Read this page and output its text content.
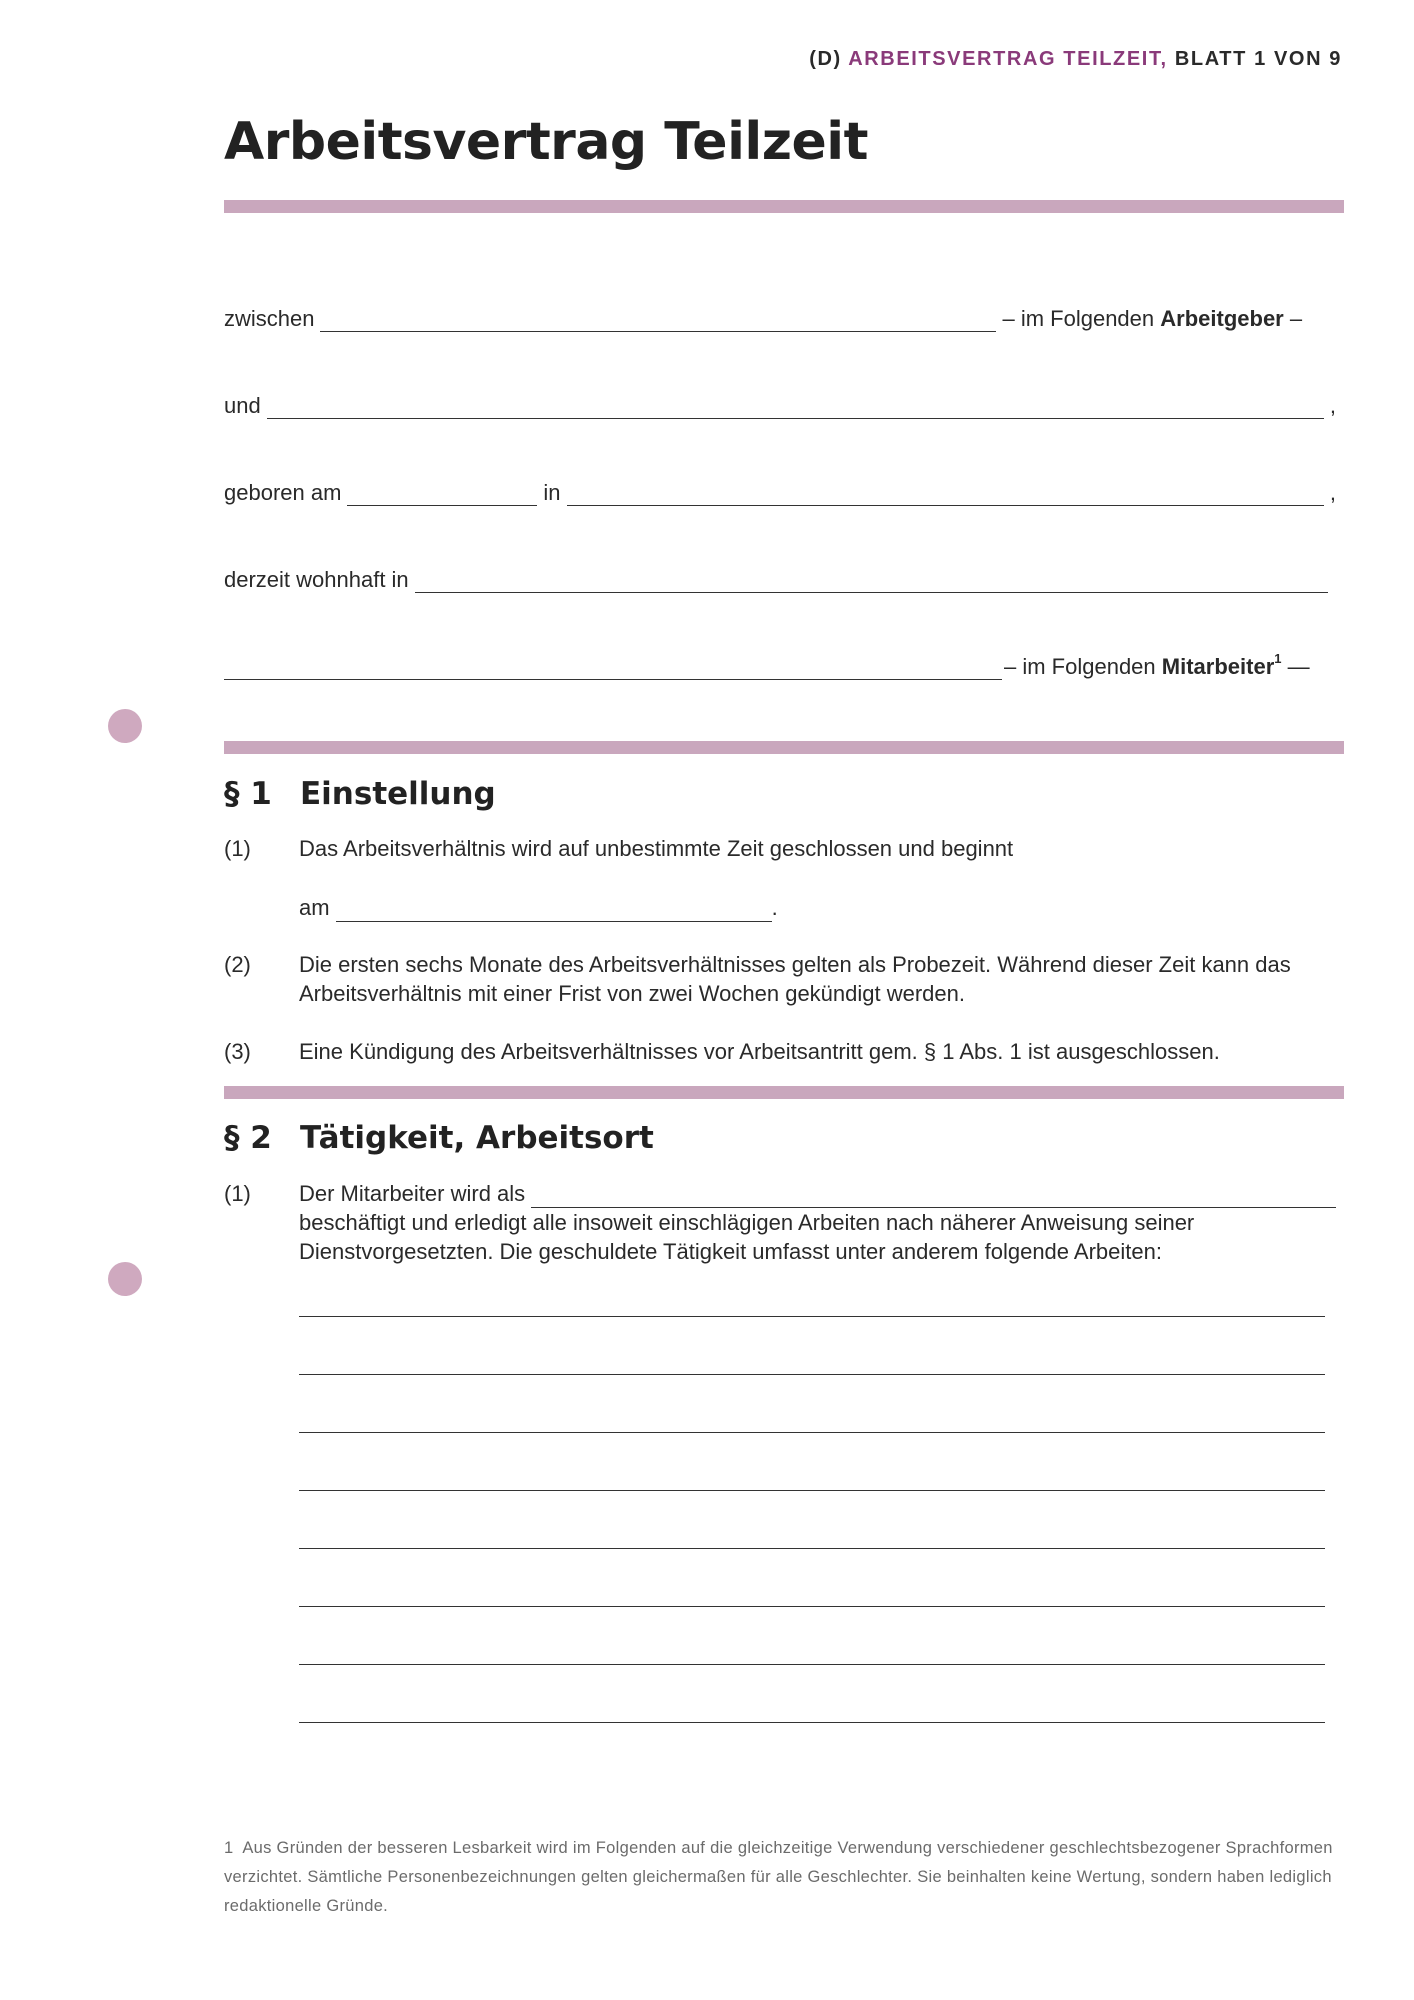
(D) ARBEITSVERTRAG TEILZEIT, BLATT 1 VON 9
Arbeitsvertrag Teilzeit
zwischen	– im Folgenden
Arbeitgeber
–
und	,
geboren am	in	,
derzeit wohnhaft in
– im Folgenden
Mitarbeiter$^1$
—
§ 1 Einstellung
(1) Das Arbeitsverhältnis wird auf unbestimmte Zeit geschlossen und beginnt
am	.
(2) Die ersten sechs Monate des Arbeitsverhältnisses gelten als Probezeit. Während dieser Zeit kann das Arbeitsverhältnis mit einer Frist von zwei Wochen gekündigt werden.
(3) Eine Kündigung des Arbeitsverhältnisses vor Arbeitsantritt gem. § 1 Abs. 1 ist ausgeschlossen.
§ 2 Tätigkeit, Arbeitsort
(1) Der Mitarbeiter wird als
beschäftigt und erledigt alle insoweit einschlägigen Arbeiten nach näherer Anweisung seiner Dienstvorgesetzten. Die geschuldete Tätigkeit umfasst unter anderem folgende Arbeiten:
1 Aus Gründen der besseren Lesbarkeit wird im Folgenden auf die gleichzeitige Verwendung verschiedener geschlechtsbezogener Sprachformen verzichtet. Sämtliche Personenbezeichnungen gelten gleichermaßen für alle Geschlechter. Sie beinhalten keine Wertung, sondern haben lediglich redaktionelle Gründe.
